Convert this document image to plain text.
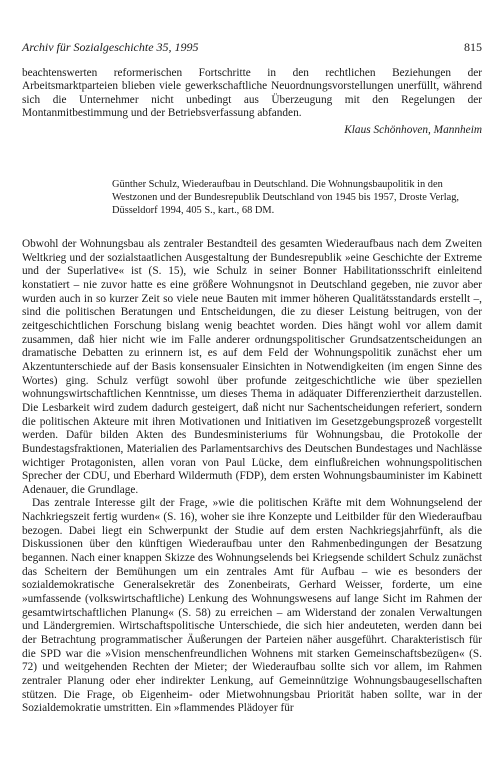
Archiv für Sozialgeschichte 35, 1995	815

beachtenswerten reformerischen Fortschritte in den rechtlichen Beziehungen der Arbeitsmarktparteien blieben viele gewerkschaftliche Neuordnungsvorstellungen unerfüllt, während sich die Unternehmer nicht unbedingt aus Überzeugung mit den Regelungen der Montanmitbestimmung und der Betriebsverfassung abfanden.

Klaus Schönhoven, Mannheim
Günther Schulz, Wiederaufbau in Deutschland. Die Wohnungsbaupolitik in den Westzonen und der Bundesrepublik Deutschland von 1945 bis 1957, Droste Verlag, Düsseldorf 1994, 405 S., kart., 68 DM.

Obwohl der Wohnungsbau als zentraler Bestandteil des gesamten Wiederaufbaus nach dem Zweiten Weltkrieg und der sozialstaatlichen Ausgestaltung der Bundesrepublik »eine Geschichte der Extreme und der Superlative« ist (S. 15), wie Schulz in seiner Bonner Habilitationsschrift einleitend konstatiert – nie zuvor hatte es eine größere Wohnungsnot in Deutschland gegeben, nie zuvor aber wurden auch in so kurzer Zeit so viele neue Bauten mit immer höheren Qualitätsstandards erstellt –, sind die politischen Beratungen und Entscheidungen, die zu dieser Leistung beitrugen, von der zeitgeschichtlichen Forschung bislang wenig beachtet worden. Dies hängt wohl vor allem damit zusammen, daß hier nicht wie im Falle anderer ordnungspolitischer Grundsatzentscheidungen an dramatische Debatten zu erinnern ist, es auf dem Feld der Wohnungspolitik zunächst eher um Akzentunterschiede auf der Basis konsensualer Einsichten in Notwendigkeiten (im engen Sinne des Wortes) ging. Schulz verfügt sowohl über profunde zeitgeschichtliche wie über speziellen wohnungswirtschaftlichen Kenntnisse, um dieses Thema in adäquater Differenziertheit darzustellen. Die Lesbarkeit wird zudem dadurch gesteigert, daß nicht nur Sachentscheidungen referiert, sondern die politischen Akteure mit ihren Motivationen und Initiativen im Gesetzgebungsprozeß vorgestellt werden. Dafür bilden Akten des Bundesministeriums für Wohnungsbau, die Protokolle der Bundestagsfraktionen, Materialien des Parlamentsarchivs des Deutschen Bundestages und Nachlässe wichtiger Protagonisten, allen voran von Paul Lücke, dem einflußreichen wohnungspolitischen Sprecher der CDU, und Eberhard Wildermuth (FDP), dem ersten Wohnungsbauminister im Kabinett Adenauer, die Grundlage.

Das zentrale Interesse gilt der Frage, »wie die politischen Kräfte mit dem Wohnungselend der Nachkriegszeit fertig wurden« (S. 16), woher sie ihre Konzepte und Leitbilder für den Wiederaufbau bezogen. Dabei liegt ein Schwerpunkt der Studie auf dem ersten Nachkriegsjahrfünft, als die Diskussionen über den künftigen Wiederaufbau unter den Rahmenbedingungen der Besatzung begannen. Nach einer knappen Skizze des Wohnungselends bei Kriegsende schildert Schulz zunächst das Scheitern der Bemühungen um ein zentrales Amt für Aufbau – wie es besonders der sozialdemokratische Generalsekretär des Zonenbeirats, Gerhard Weisser, forderte, um eine »umfassende (volkswirtschaftliche) Lenkung des Wohnungswesens auf lange Sicht im Rahmen der gesamtwirtschaftlichen Planung« (S. 58) zu erreichen – am Widerstand der zonalen Verwaltungen und Ländergremien. Wirtschaftspolitische Unterschiede, die sich hier andeuteten, werden dann bei der Betrachtung programmatischer Äußerungen der Parteien näher ausgeführt. Charakteristisch für die SPD war die »Vision menschenfreundlichen Wohnens mit starken Gemeinschaftsbezügen« (S. 72) und weitgehenden Rechten der Mieter; der Wiederaufbau sollte sich vor allem, im Rahmen zentraler Planung oder eher indirekter Lenkung, auf Gemeinnützige Wohnungsbaugesellschaften stützen. Die Frage, ob Eigenheim- oder Mietwohnungsbau Priorität haben sollte, war in der Sozialdemokratie umstritten. Ein »flammendes Plädoyer für
